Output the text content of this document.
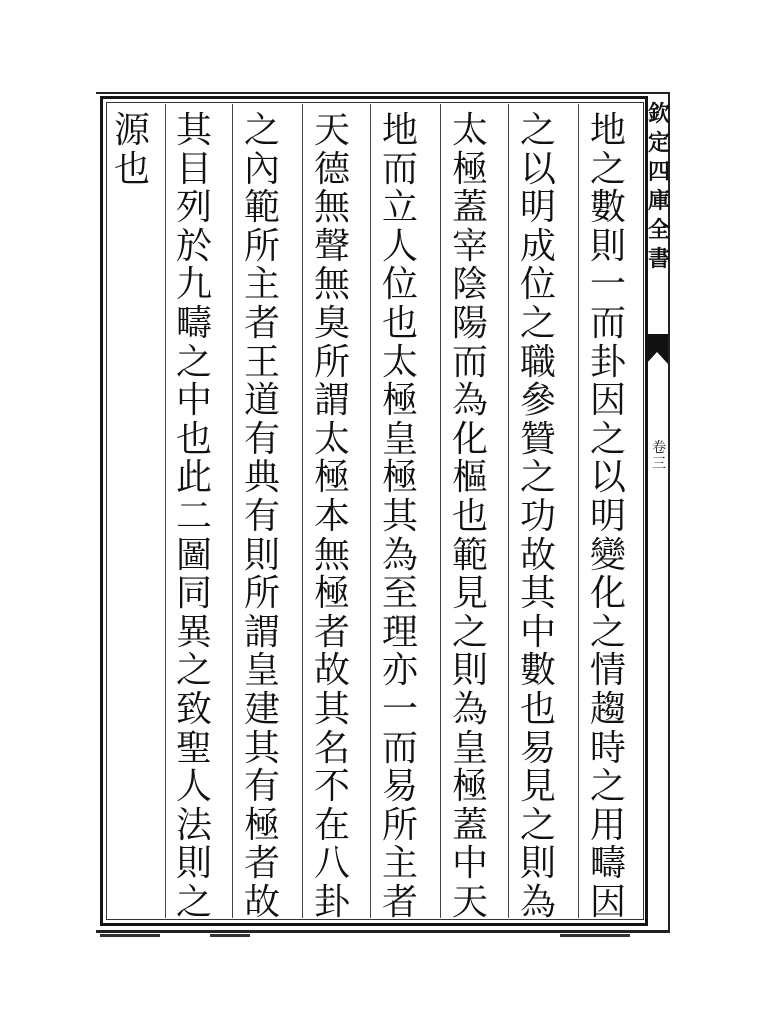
地
之
數
則
一
而
卦
因
之
以
明
變
化
之
情
趨
時
之
用
疇
因
之
以
明
成
位
之
職
參
贊
之
功
故
其
中
數
也
易
見
之
則
為
太
極
蓋
宰
陰
陽
而
為
化
樞
也
範
見
之
則
為
皇
極
蓋
中
天
地
而
立
人
位
也
太
極
皇
極
其
為
至
理
亦
一
而
易
所
主
者
天
德
無
聲
無
臭
所
謂
太
極
本
無
極
者
故
其
名
不
在
八
卦
之
內
範
所
主
者
王
道
有
典
有
則
所
謂
皇
建
其
有
極
者
故
其
目
列
於
九
疇
之
中
也
此
二
圖
同
異
之
致
聖
人
法
則
之
源
也
欽
定
四
庫
全
書
卷
三
